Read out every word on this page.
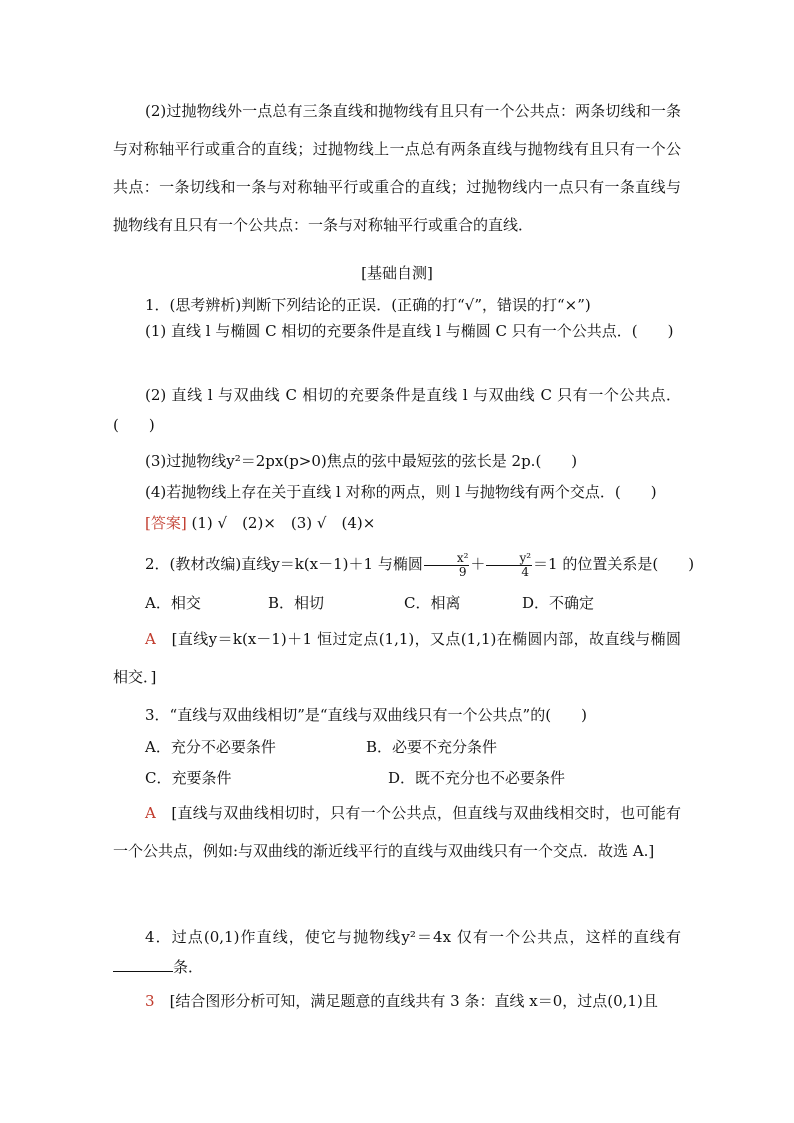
(2)过抛物线外一点总有三条直线和抛物线有且只有一个公共点：两条切线和一条与对称轴平行或重合的直线；过抛物线上一点总有两条直线与抛物线有且只有一个公共点：一条切线和一条与对称轴平行或重合的直线；过抛物线内一点只有一条直线与抛物线有且只有一个公共点：一条与对称轴平行或重合的直线．
[基础自测]
1．(思考辨析)判断下列结论的正误．(正确的打“√”，错误的打“×”)
(1) 直线 l 与椭圆 C 相切的充要条件是直线 l 与椭圆 C 只有一个公共点．(　　)
(2) 直线 l 与双曲线 C 相切的充要条件是直线 l 与双曲线 C 只有一个公共点．(　　)
(3)过抛物线y²＝2px(p>0)焦点的弦中最短弦的弦长是 2p.(　　)
(4)若抛物线上存在关于直线 l 对称的两点，则 l 与抛物线有两个交点．(　　)
[答案] (1) √　(2)×　(3) √　(4)×
2．(教材改编)直线y＝k(x－1)＋1 与椭圆 $\frac{\text{x²}}{9} + \frac{\text{y²}}{4} =1$ 的位置关系是(　　)
A．相交	B．相切	C．相离	D．不确定
A　 [直线y＝k(x－1)＋1 恒过定点(1,1)，又点(1,1)在椭圆内部，故直线与椭圆相交．]
3．“直线与双曲线相切”是“直线与双曲线只有一个公共点”的(　　)
A．充分不必要条件	B．必要不充分条件
C．充要条件	D．既不充分也不必要条件
A　 [直线与双曲线相切时，只有一个公共点，但直线与双曲线相交时，也可能有一个公共点，例如:与双曲线的渐近线平行的直线与双曲线只有一个交点．故选 A.]
4．过点(0,1)作直线，使它与抛物线y²＝4x 仅有一个公共点，这样的直线有条．
3　 [结合图形分析可知，满足题意的直线共有 3 条：直线 x＝0，过点(0,1)且
